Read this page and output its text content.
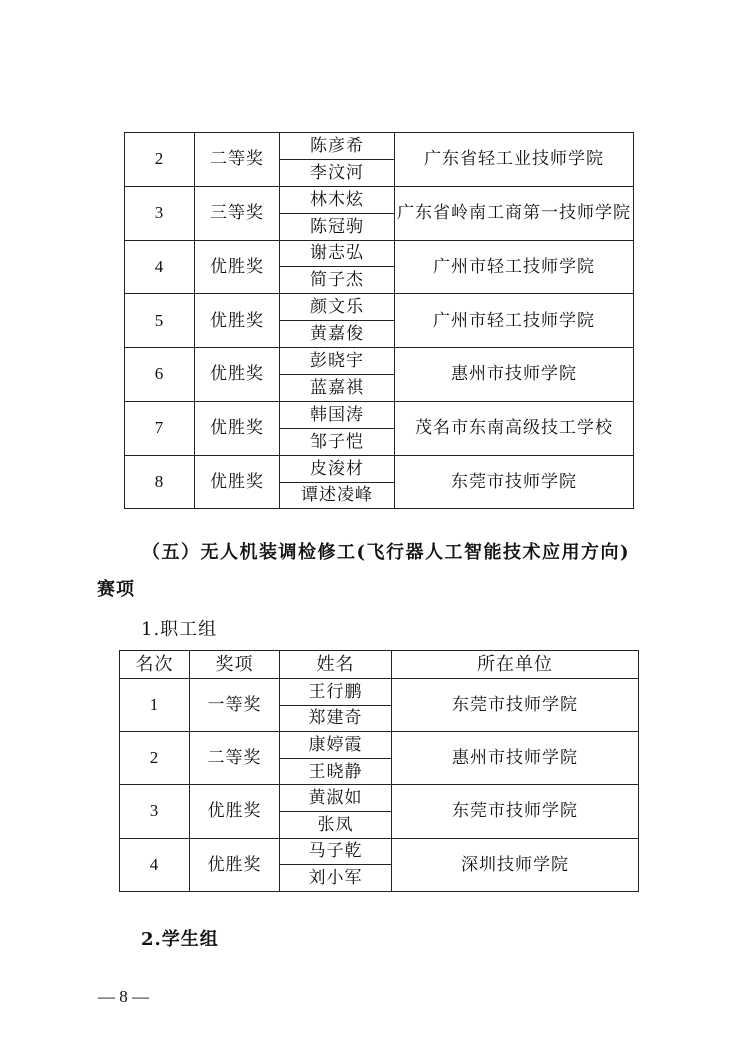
2	二等奖	陈彦希	广东省轻工业技师学院
		李汶河	
3	三等奖	林木炫	广东省岭南工商第一技师学院
		陈冠驹	
4	优胜奖	谢志弘	广州市轻工技师学院
		简子杰	
5	优胜奖	颜文乐	广州市轻工技师学院
		黄嘉俊	
6	优胜奖	彭晓宇	惠州市技师学院
		蓝嘉祺	
7	优胜奖	韩国涛	茂名市东南高级技工学校
		邹子恺	
8	优胜奖	皮浚材	东莞市技师学院
		谭述凌峰	
（五）无人机装调检修工(飞行器人工智能技术应用方向)
赛项
1.职工组
名次	奖项	姓名	所在单位
1	一等奖	王行鹏	东莞市技师学院
		郑建奇	
2	二等奖	康婷霞	惠州市技师学院
		王晓静	
3	优胜奖	黄淑如	东莞市技师学院
		张凤	
4	优胜奖	马子乾	深圳技师学院
		刘小军	
2.学生组
— 8 —
